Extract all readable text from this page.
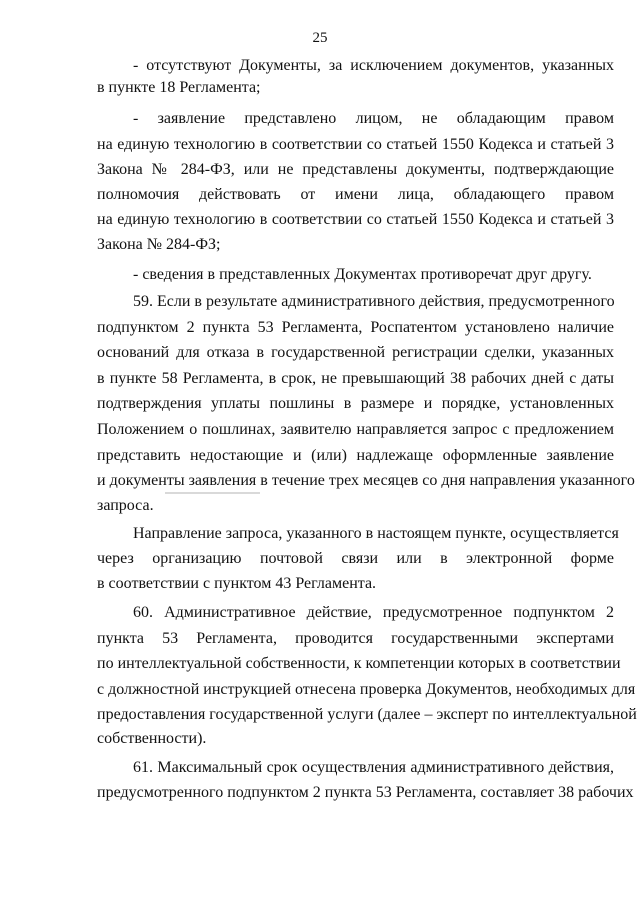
25
- отсутствуют Документы, за исключением документов, указанных
в пункте 18 Регламента;
- заявление представлено лицом, не обладающим правом
на единую технологию в соответствии со статьей 1550 Кодекса и статьей 3
Закона № 284-ФЗ, или не представлены документы, подтверждающие
полномочия действовать от имени лица, обладающего правом
на единую технологию в соответствии со статьей 1550 Кодекса и статьей 3
Закона № 284-ФЗ;
- сведения в представленных Документах противоречат друг другу.
59. Если в результате административного действия, предусмотренного
подпунктом 2 пункта 53 Регламента, Роспатентом установлено наличие
оснований для отказа в государственной регистрации сделки, указанных
в пункте 58 Регламента, в срок, не превышающий 38 рабочих дней с даты
подтверждения уплаты пошлины в размере и порядке, установленных
Положением о пошлинах, заявителю направляется запрос с предложением
представить недостающие и (или) надлежаще оформленные заявление
и документы заявления в течение трех месяцев со дня направления указанного
запроса.
Направление запроса, указанного в настоящем пункте, осуществляется
через организацию почтовой связи или в электронной форме
в соответствии с пунктом 43 Регламента.
60. Административное действие, предусмотренное подпунктом 2
пункта 53 Регламента, проводится государственными экспертами
по интеллектуальной собственности, к компетенции которых в соответствии
с должностной инструкцией отнесена проверка Документов, необходимых для
предоставления государственной услуги (далее – эксперт по интеллектуальной
собственности).
61. Максимальный срок осуществления административного действия,
предусмотренного подпунктом 2 пункта 53 Регламента, составляет 38 рабочих
